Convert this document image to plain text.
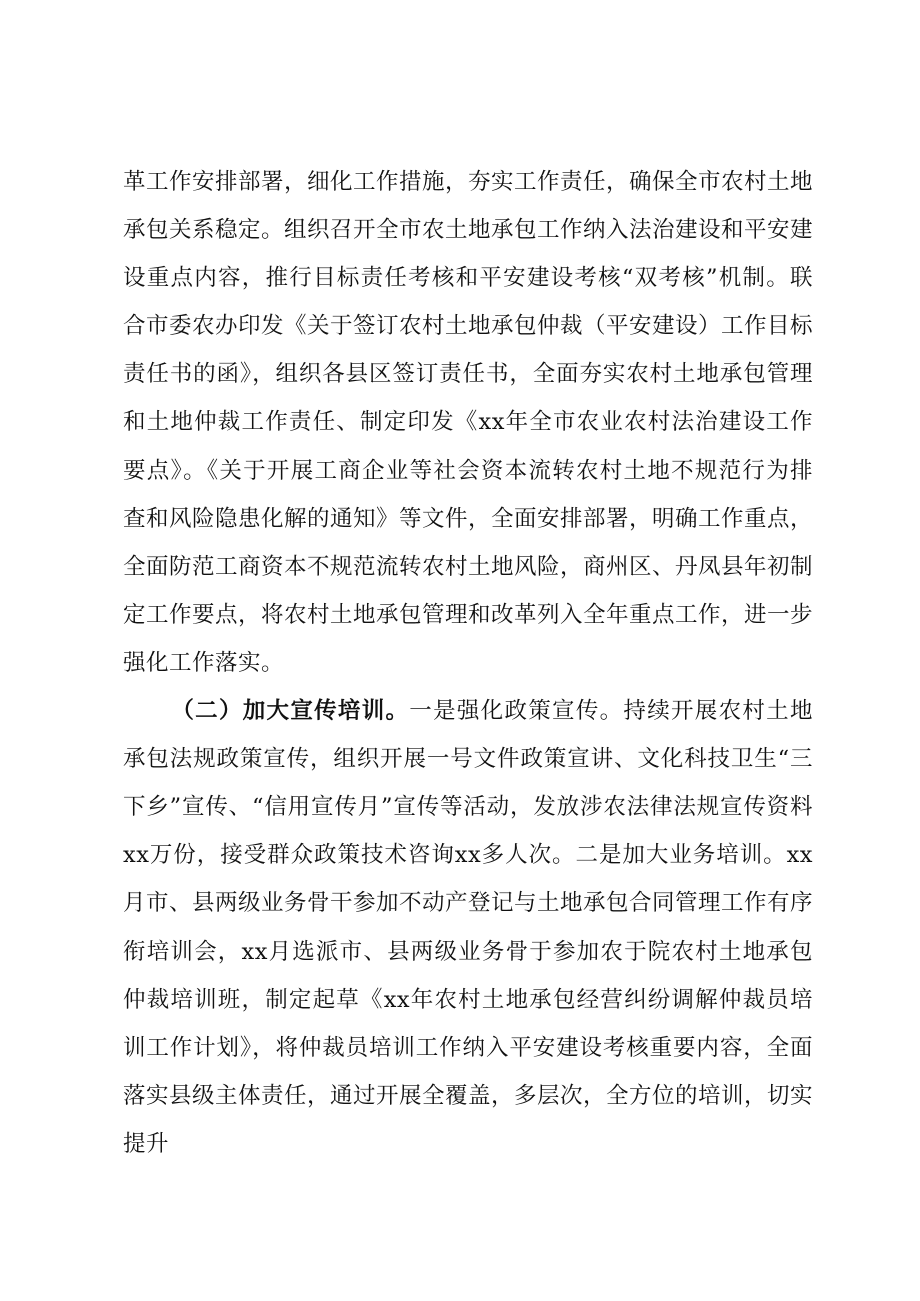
革工作安排部署，细化工作措施，夯实工作责任，确保全市农村土地承包关系稳定。组织召开全市农土地承包工作纳入法治建设和平安建设重点内容，推行目标责任考核和平安建设考核“双考核”机制。联合市委农办印发《关于签订农村土地承包仲裁（平安建设）工作目标责任书的函》，组织各县区签订责任书，全面夯实农村土地承包管理和土地仲裁工作责任、制定印发《xx年全市农业农村法治建设工作要点》。《关于开展工商企业等社会资本流转农村土地不规范行为排查和风险隐患化解的通知》等文件，全面安排部署，明确工作重点，全面防范工商资本不规范流转农村土地风险，商州区、丹凤县年初制定工作要点，将农村土地承包管理和改革列入全年重点工作，进一步强化工作落实。

（二）加大宣传培训。一是强化政策宣传。持续开展农村土地承包法规政策宣传，组织开展一号文件政策宣讲、文化科技卫生“三下乡”宣传、“信用宣传月”宣传等活动，发放涉农法律法规宣传资料xx万份，接受群众政策技术咨询xx多人次。二是加大业务培训。xx月市、县两级业务骨干参加不动产登记与土地承包合同管理工作有序衔培训会，xx月选派市、县两级业务骨于参加农于院农村土地承包仲裁培训班，制定起草《xx年农村土地承包经营纠纷调解仲裁员培训工作计划》，将仲裁员培训工作纳入平安建设考核重要内容，全面落实县级主体责任，通过开展全覆盖，多层次，全方位的培训，切实提升
